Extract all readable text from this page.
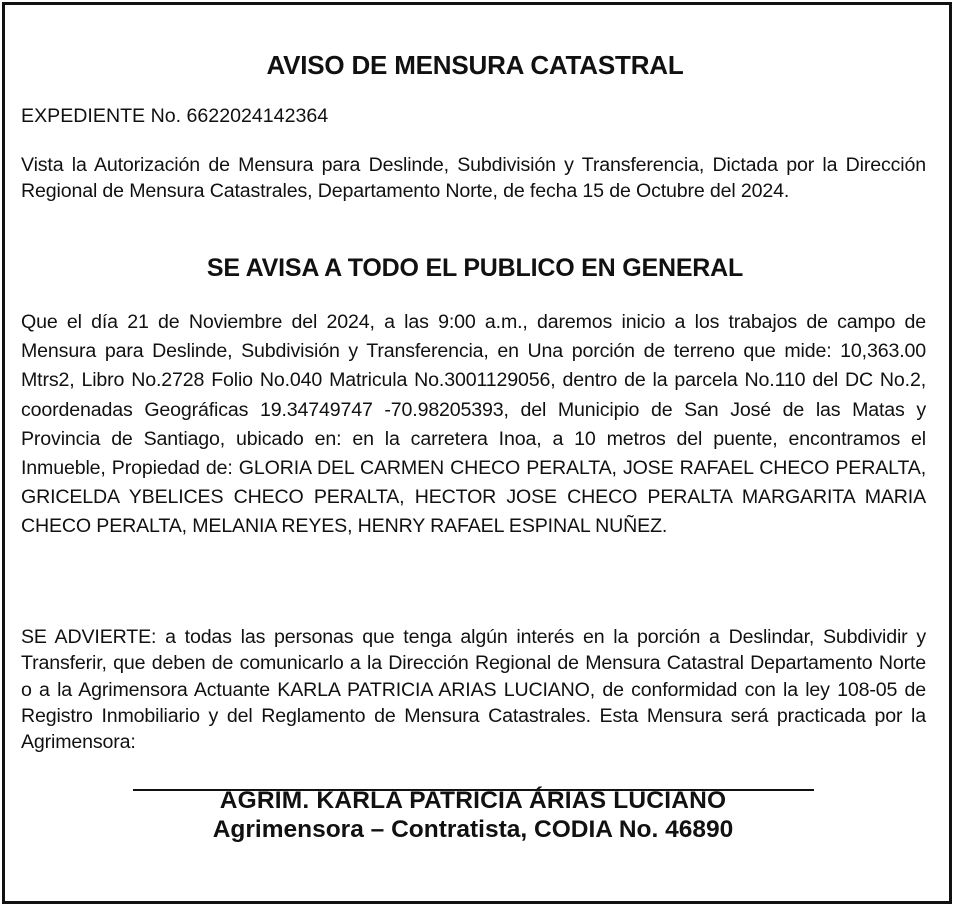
AVISO DE MENSURA CATASTRAL
EXPEDIENTE No. 6622024142364
Vista la Autorización de Mensura para Deslinde, Subdivisión y Transferencia, Dictada por la Dirección Regional de Mensura Catastrales, Departamento Norte, de fecha 15 de Octubre del 2024.
SE AVISA A TODO EL PUBLICO EN GENERAL
Que el día 21 de Noviembre del 2024, a las 9:00 a.m., daremos inicio a los trabajos de campo de Mensura para Deslinde, Subdivisión y Transferencia, en Una porción de terreno que mide: 10,363.00 Mtrs2, Libro No.2728 Folio No.040 Matricula No.3001129056, dentro de la parcela No.110 del DC No.2, coordenadas Geográficas 19.34749747 -70.98205393, del Municipio de San José de las Matas y Provincia de Santiago, ubicado en: en la carretera Inoa, a 10 metros del puente, encontramos el Inmueble, Propiedad de: GLORIA DEL CARMEN CHECO PERALTA, JOSE RAFAEL CHECO PERALTA, GRICELDA YBELICES CHECO PERALTA, HECTOR JOSE CHECO PERALTA MARGARITA MARIA CHECO PERALTA, MELANIA REYES, HENRY RAFAEL ESPINAL NUÑEZ.
SE ADVIERTE: a todas las personas que tenga algún interés en la porción a Deslindar, Subdividir y Transferir, que deben de comunicarlo a la Dirección Regional de Mensura Catastral Departamento Norte o a la Agrimensora Actuante KARLA PATRICIA ARIAS LUCIANO, de conformidad con la ley 108-05 de Registro Inmobiliario y del Reglamento de Mensura Catastrales. Esta Mensura será practicada por la Agrimensora:
AGRIM. KARLA PATRICIA ÁRIAS LUCIANO
Agrimensora – Contratista, CODIA No. 46890
